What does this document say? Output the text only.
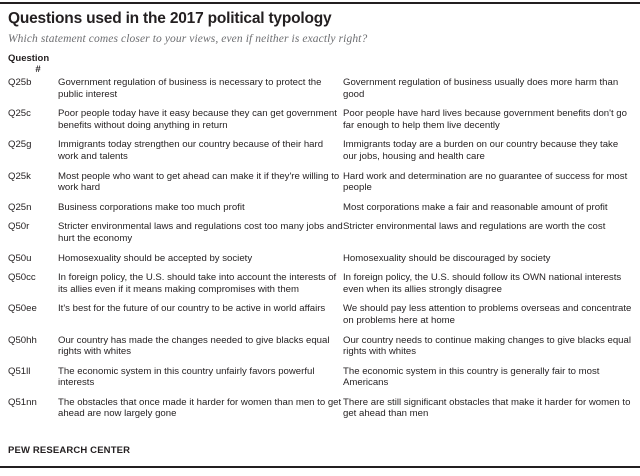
Questions used in the 2017 political typology

Which statement comes closer to your views, even if neither is exactly right?

Question
#
Q25b	Government regulation of business is necessary to protect the public interest	Government regulation of business usually does more harm than good
Q25c	Poor people today have it easy because they can get government benefits without doing anything in return	Poor people have hard lives because government benefits don't go far enough to help them live decently
Q25g	Immigrants today strengthen our country because of their hard work and talents	Immigrants today are a burden on our country because they take our jobs, housing and health care
Q25k	Most people who want to get ahead can make it if they're willing to work hard	Hard work and determination are no guarantee of success for most people
Q25n	Business corporations make too much profit	Most corporations make a fair and reasonable amount of profit
Q50r	Stricter environmental laws and regulations cost too many jobs and hurt the economy	Stricter environmental laws and regulations are worth the cost
Q50u	Homosexuality should be accepted by society	Homosexuality should be discouraged by society
Q50cc	In foreign policy, the U.S. should take into account the interests of its allies even if it means making compromises with them	In foreign policy, the U.S. should follow its OWN national interests even when its allies strongly disagree
Q50ee	It's best for the future of our country to be active in world affairs	We should pay less attention to problems overseas and concentrate on problems here at home
Q50hh	Our country has made the changes needed to give blacks equal rights with whites	Our country needs to continue making changes to give blacks equal rights with whites
Q51ll	The economic system in this country unfairly favors powerful interests	The economic system in this country is generally fair to most Americans
Q51nn	The obstacles that once made it harder for women than men to get ahead are now largely gone	There are still significant obstacles that make it harder for women to get ahead than men
PEW RESEARCH CENTER
